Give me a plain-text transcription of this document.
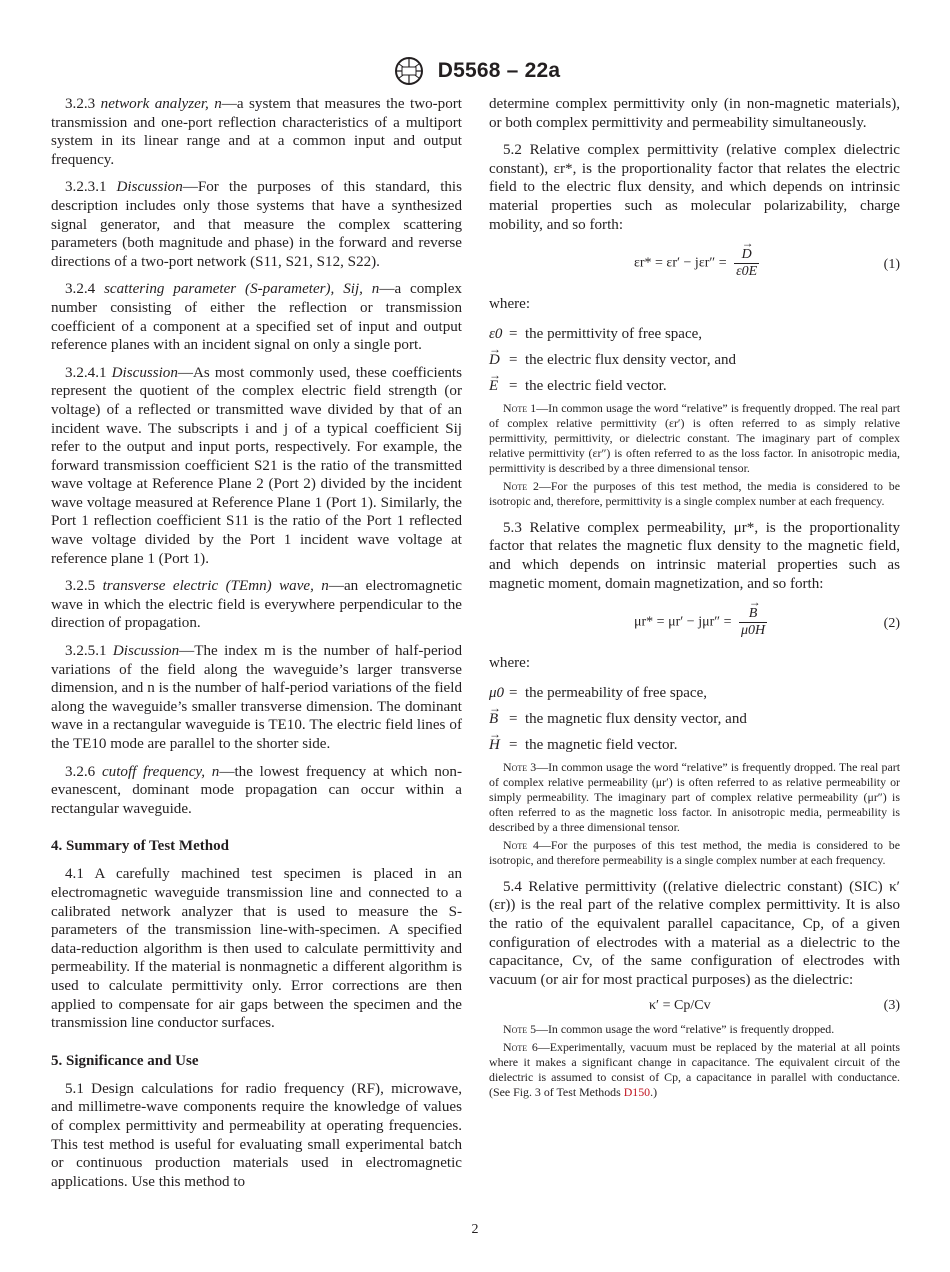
D5568 – 22a

3.2.3 network analyzer, n—a system that measures the two-port transmission and one-port reflection characteristics of a multiport system in its linear range and at a common input and output frequency.

3.2.3.1 Discussion—For the purposes of this standard, this description includes only those systems that have a synthesized signal generator, and that measure the complex scattering parameters (both magnitude and phase) in the forward and reverse directions of a two-port network (S11, S21, S12, S22).

3.2.4 scattering parameter (S-parameter), Sij, n—a complex number consisting of either the reflection or transmission coefficient of a component at a specified set of input and output reference planes with an incident signal on only a single port.

3.2.4.1 Discussion—As most commonly used, these coefficients represent the quotient of the complex electric field strength (or voltage) of a reflected or transmitted wave divided by that of an incident wave. The subscripts i and j of a typical coefficient Sij refer to the output and input ports, respectively. For example, the forward transmission coefficient S21 is the ratio of the transmitted wave voltage at Reference Plane 2 (Port 2) divided by the incident wave voltage measured at Reference Plane 1 (Port 1). Similarly, the Port 1 reflection coefficient S11 is the ratio of the Port 1 reflected wave voltage divided by the Port 1 incident wave voltage at reference plane 1 (Port 1).

3.2.5 transverse electric (TEmn) wave, n—an electromagnetic wave in which the electric field is everywhere perpendicular to the direction of propagation.

3.2.5.1 Discussion—The index m is the number of half-period variations of the field along the waveguide’s larger transverse dimension, and n is the number of half-period variations of the field along the waveguide’s smaller transverse dimension. The dominant wave in a rectangular waveguide is TE10. The electric field lines of the TE10 mode are parallel to the shorter side.

3.2.6 cutoff frequency, n—the lowest frequency at which non-evanescent, dominant mode propagation can occur within a rectangular waveguide.

4. Summary of Test Method

4.1 A carefully machined test specimen is placed in an electromagnetic waveguide transmission line and connected to a calibrated network analyzer that is used to measure the S-parameters of the transmission line-with-specimen. A specified data-reduction algorithm is then used to calculate permittivity and permeability. If the material is nonmagnetic a different algorithm is used to calculate permittivity only. Error corrections are then applied to compensate for air gaps between the specimen and the transmission line conductor surfaces.

5. Significance and Use

5.1 Design calculations for radio frequency (RF), microwave, and millimetre-wave components require the knowledge of values of complex permittivity and permeability at operating frequencies. This test method is useful for evaluating small experimental batch or continuous production materials used in electromagnetic applications. Use this method to

determine complex permittivity only (in non-magnetic materials), or both complex permittivity and permeability simultaneously.

5.2 Relative complex permittivity (relative complex dielectric constant), εr*, is the proportionality factor that relates the electric field to the electric flux density, and which depends on intrinsic material properties such as molecular polarizability, charge mobility, and so forth:

εr* = εr′ − jεr″ = → $\frac{D}{\varepsilon 0E}$	(1)

where:

ε0 = the permittivity of free space,
→ D = the electric flux density vector, and
→ E = the electric field vector.
Note 1—In common usage the word “relative” is frequently dropped. The real part of complex relative permittivity (εr′) is often referred to as simply relative permittivity, permittivity, or dielectric constant. The imaginary part of complex relative permittivity (εr″) is often referred to as the loss factor. In anisotropic media, permittivity is described by a three dimensional tensor.
Note 2—For the purposes of this test method, the media is considered to be isotropic and, therefore, permittivity is a single complex number at each frequency.

5.3 Relative complex permeability, μr*, is the proportionality factor that relates the magnetic flux density to the magnetic field, and which depends on intrinsic material properties such as magnetic moment, domain magnetization, and so forth:

μr* = μr′ − jμr″ = → $\frac{B}{\mu 0H}$	(2)

where:

μ0 = the permeability of free space,
→ B = the magnetic flux density vector, and
→ H = the magnetic field vector.
Note 3—In common usage the word “relative” is frequently dropped. The real part of complex relative permeability (μr′) is often referred to as relative permeability or simply permeability. The imaginary part of complex relative permeability (μr″) is often referred to as the magnetic loss factor. In anisotropic media, permeability is described by a three dimensional tensor.
Note 4—For the purposes of this test method, the media is considered to be isotropic, and therefore permeability is a single complex number at each frequency.

5.4 Relative permittivity ((relative dielectric constant) (SIC) κ′(εr)) is the real part of the relative complex permittivity. It is also the ratio of the equivalent parallel capacitance, Cp, of a given configuration of electrodes with a material as a dielectric to the capacitance, Cv, of the same configuration of electrodes with vacuum (or air for most practical purposes) as the dielectric:

κ′ = Cp/Cv	(3)
Note 5—In common usage the word “relative” is frequently dropped.
Note 6—Experimentally, vacuum must be replaced by the material at all points where it makes a significant change in capacitance. The equivalent circuit of the dielectric is assumed to consist of Cp, a capacitance in parallel with conductance. (See Fig. 3 of Test Methods D150.)
2
